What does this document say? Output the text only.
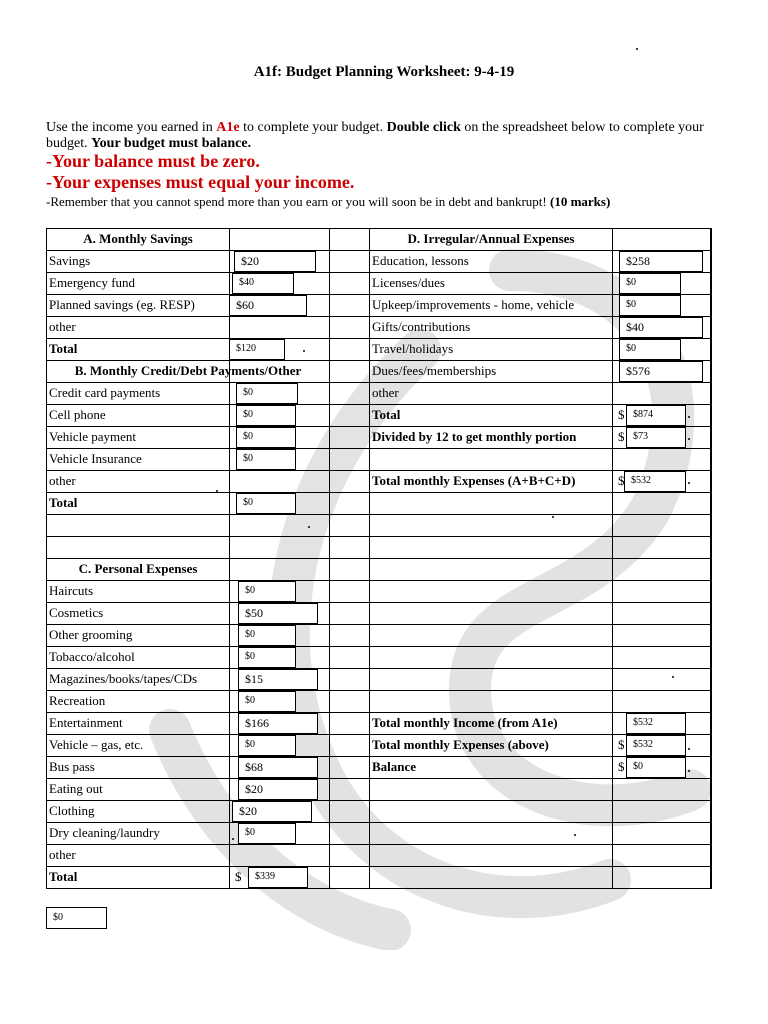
A1f: Budget Planning Worksheet: 9-4-19
Use the income you earned in A1e to complete your budget. Double click on the spreadsheet below to complete your
budget. Your budget must balance.
-Your balance must be zero.
-Your expenses must equal your income.
-Remember that you cannot spend more than you earn or you will soon be in debt and bankrupt! (10 marks)
A. Monthly Savings
Savings	$20
Emergency fund	$40
Planned savings (eg. RESP)	$60
other
Total	$120
B. Monthly Credit/Debt Payments/Other
Credit card payments	$0
Cell phone	$0
Vehicle payment	$0
Vehicle Insurance	$0
other
Total	$0
C. Personal Expenses
Haircuts	$0
Cosmetics	$50
Other grooming	$0
Tobacco/alcohol	$0
Magazines/books/tapes/CDs	$15
Recreation	$0
Entertainment	$166
Vehicle – gas, etc.	$0
Bus pass	$68
Eating out	$20
Clothing	$20
Dry cleaning/laundry	$0
other
Total	$	$339
D. Irregular/Annual Expenses
Education, lessons	$258
Licenses/dues	$0
Upkeep/improvements - home, vehicle	$0
Gifts/contributions	$40
Travel/holidays	$0
Dues/fees/memberships	$576
other
Total	$ $874
Divided by 12 to get monthly portion	$ $73
Total monthly Expenses (A+B+C+D)	$ $532
Total monthly Income (from A1e)	$532
Total monthly Expenses (above)	$ $532
Balance	$ $0
$0
